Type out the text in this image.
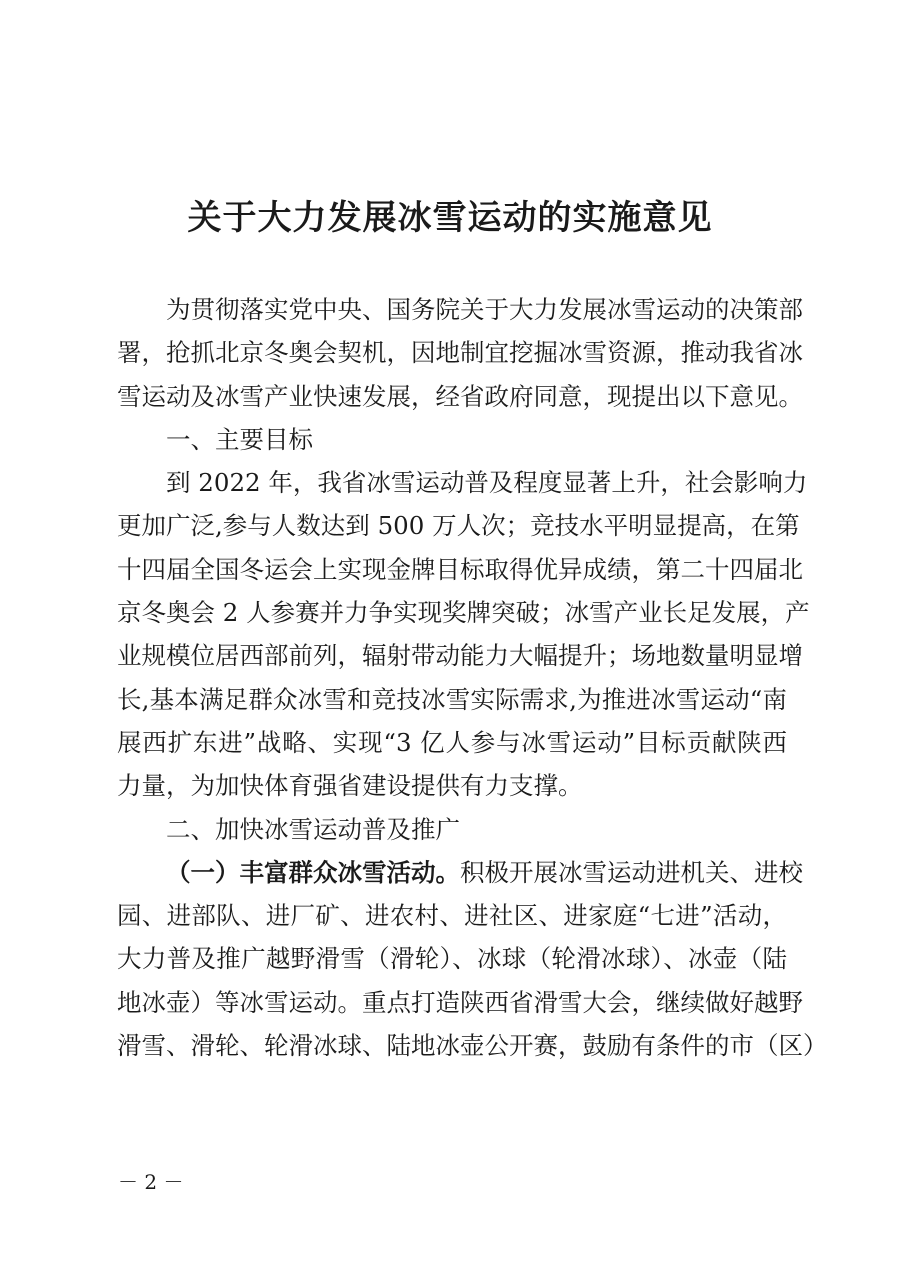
关于大力发展冰雪运动的实施意见
为贯彻落实党中央、国务院关于大力发展冰雪运动的决策部
署，抢抓北京冬奥会契机，因地制宜挖掘冰雪资源，推动我省冰
雪运动及冰雪产业快速发展，经省政府同意，现提出以下意见。
一、主要目标
到 2022 年，我省冰雪运动普及程度显著上升，社会影响力
更加广泛,参与人数达到 500 万人次；竞技水平明显提高，在第
十四届全国冬运会上实现金牌目标取得优异成绩，第二十四届北
京冬奥会 2 人参赛并力争实现奖牌突破；冰雪产业长足发展，产
业规模位居西部前列，辐射带动能力大幅提升；场地数量明显增
长,基本满足群众冰雪和竞技冰雪实际需求,为推进冰雪运动“南
展西扩东进”战略、实现“3 亿人参与冰雪运动”目标贡献陕西
力量，为加快体育强省建设提供有力支撑。
二、加快冰雪运动普及推广
（一）丰富群众冰雪活动。积极开展冰雪运动进机关、进校
园、进部队、进厂矿、进农村、进社区、进家庭“七进”活动，
大力普及推广越野滑雪（滑轮）、冰球（轮滑冰球）、冰壶（陆
地冰壶）等冰雪运动。重点打造陕西省滑雪大会，继续做好越野
滑雪、滑轮、轮滑冰球、陆地冰壶公开赛，鼓励有条件的市（区）
－ 2 －
